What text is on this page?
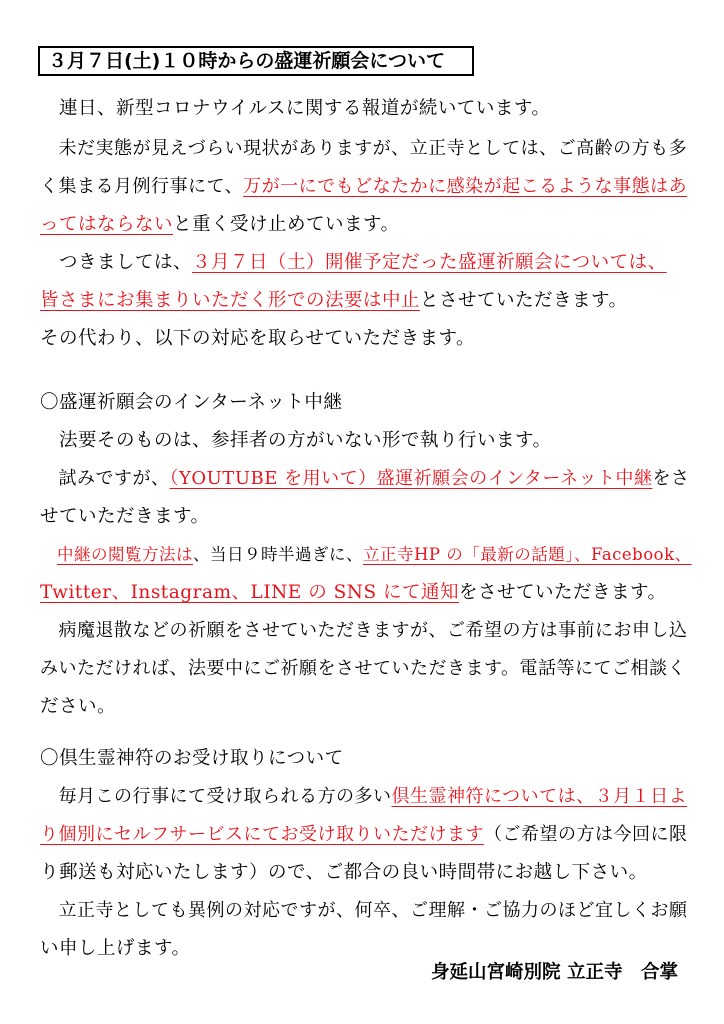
３月７日(土)１０時からの盛運祈願会について
　連日、新型コロナウイルスに関する報道が続いています。
　未だ実態が見えづらい現状がありますが、立正寺としては、ご高齢の方も多
く集まる月例行事にて、万が一にでもどなたかに感染が起こるような事態はあ
ってはならないと重く受け止めています。
　つきましては、３月７日（土）開催予定だった盛運祈願会については、
皆さまにお集まりいただく形での法要は中止とさせていただきます。
その代わり、以下の対応を取らせていただきます。
〇盛運祈願会のインターネット中継
　法要そのものは、参拝者の方がいない形で執り行います。
　試みですが、（YOUTUBE を用いて）盛運祈願会のインターネット中継をさ
せていただきます。
　中継の閲覧方法は、当日９時半過ぎに、立正寺HP の「最新の話題」、Facebook、
Twitter、Instagram、LINE の SNS にて通知をさせていただきます。
　病魔退散などの祈願をさせていただきますが、ご希望の方は事前にお申し込
みいただければ、法要中にご祈願をさせていただきます。電話等にてご相談く
ださい。
〇倶生霊神符のお受け取りについて
　毎月この行事にて受け取られる方の多い倶生霊神符については、３月１日よ
り個別にセルフサービスにてお受け取りいただけます（ご希望の方は今回に限
り郵送も対応いたします）ので、ご都合の良い時間帯にお越し下さい。
　立正寺としても異例の対応ですが、何卒、ご理解・ご協力のほど宜しくお願
い申し上げます。
身延山宮崎別院 立正寺　合掌
